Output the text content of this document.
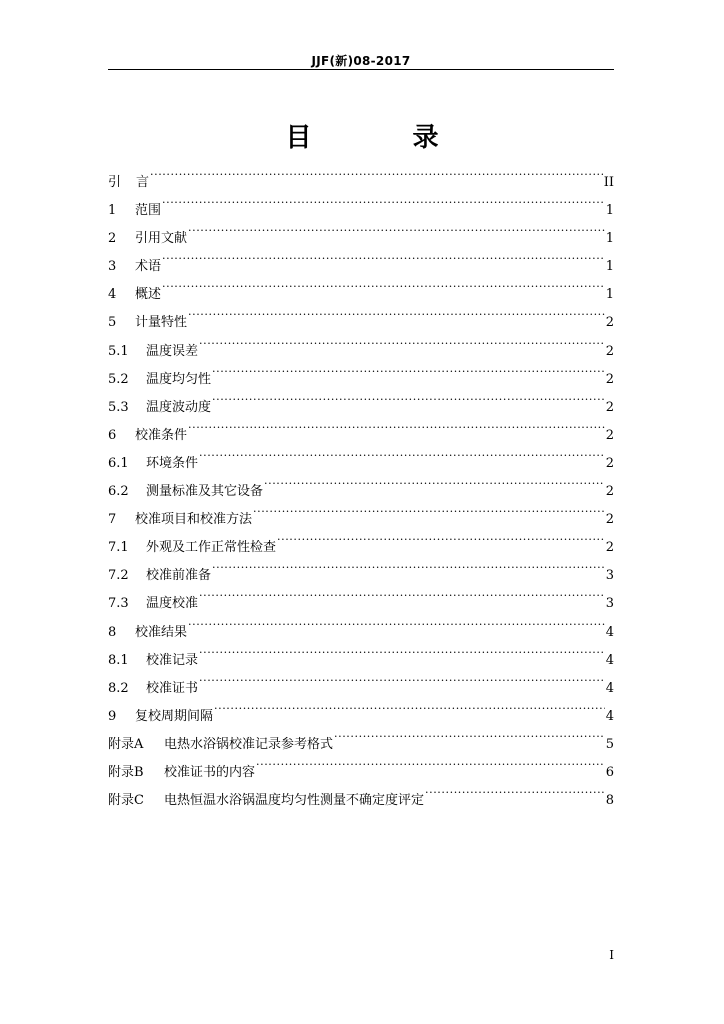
JJF(新)08-2017
目 录
引	言 .....	II
1	范围 .....	1
2	引用文献 .....	1
3	术语 .....	1
4	概述 .....	1
5	计量特性 .....	2
5.1	温度误差 .....	2
5.2	温度均匀性 .....	2
5.3	温度波动度 .....	2
6	校准条件 .....	2
6.1	环境条件 .....	2
6.2	测量标准及其它设备 .....	2
7	校准项目和校准方法 .....	2
7.1	外观及工作正常性检查 .....	2
7.2	校准前准备 .....	3
7.3	温度校准 .....	3
8	校准结果 .....	4
8.1	校准记录 .....	4
8.2	校准证书 .....	4
9	复校周期间隔 .....	4
附录A	电热水浴锅校准记录参考格式 .....	5
附录B	校准证书的内容 .....	6
附录C	电热恒温水浴锅温度均匀性测量不确定度评定 .....	8
I
